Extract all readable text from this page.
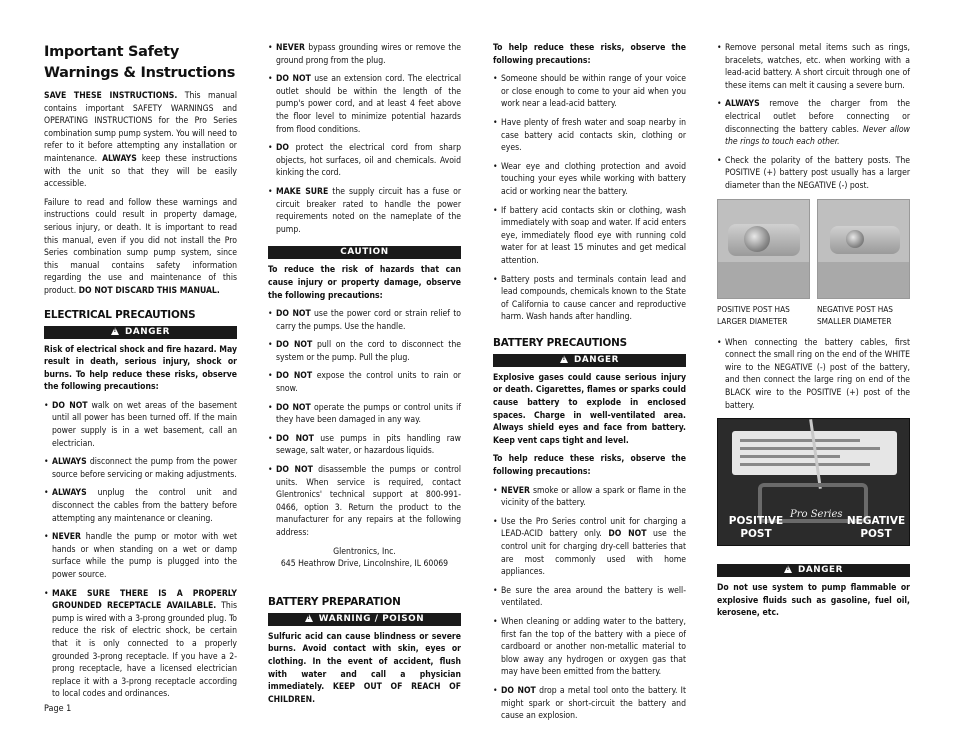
Important Safety
Warnings & Instructions

SAVE THESE INSTRUCTIONS. This manual contains important SAFETY WARNINGS and OPERATING INSTRUCTIONS for the Pro Series combination sump pump system. You will need to refer to it before attempting any installation or maintenance. ALWAYS keep these instructions with the unit so that they will be easily accessible.

Failure to read and follow these warnings and instructions could result in property damage, serious injury, or death. It is important to read this manual, even if you did not install the Pro Series combination sump pump system, since this manual contains safety information regarding the use and maintenance of this product. DO NOT DISCARD THIS MANUAL.

ELECTRICAL PRECAUTIONS
!DANGER

Risk of electrical shock and fire hazard. May result in death, serious injury, shock or burns. To help reduce these risks, observe the following precautions:

• DO NOT walk on wet areas of the basement until all power has been turned off. If the main power supply is in a wet basement, call an electrician.
• ALWAYS disconnect the pump from the power source before servicing or making adjustments.
• ALWAYS unplug the control unit and disconnect the cables from the battery before attempting any maintenance or cleaning.
• NEVER handle the pump or motor with wet hands or when standing on a wet or damp surface while the pump is plugged into the power source.
• MAKE SURE THERE IS A PROPERLY GROUNDED RECEPTACLE AVAILABLE. This pump is wired with a 3-prong grounded plug. To reduce the risk of electric shock, be certain that it is only connected to a properly grounded 3-prong receptacle. If you have a 2-prong receptacle, have a licensed electrician replace it with a 3-prong receptacle according to local codes and ordinances.
• NEVER bypass grounding wires or remove the ground prong from the plug.
• DO NOT use an extension cord. The electrical outlet should be within the length of the pump's power cord, and at least 4 feet above the floor level to minimize potential hazards from flood conditions.
• DO protect the electrical cord from sharp objects, hot surfaces, oil and chemicals. Avoid kinking the cord.
• MAKE SURE the supply circuit has a fuse or circuit breaker rated to handle the power requirements noted on the nameplate of the pump.
CAUTION

To reduce the risk of hazards that can cause injury or property damage, observe the following precautions:

• DO NOT use the power cord or strain relief to carry the pumps. Use the handle.
• DO NOT pull on the cord to disconnect the system or the pump. Pull the plug.
• DO NOT expose the control units to rain or snow.
• DO NOT operate the pumps or control units if they have been damaged in any way.
• DO NOT use pumps in pits handling raw sewage, salt water, or hazardous liquids.
• DO NOT disassemble the pumps or control units. When service is required, contact Glentronics' technical support at 800-991-0466, option 3. Return the product to the manufacturer for any repairs at the following address:
Glentronics, Inc.
645 Heathrow Drive, Lincolnshire, IL 60069
BATTERY PREPARATION
!WARNING / POISON

Sulfuric acid can cause blindness or severe burns. Avoid contact with skin, eyes or clothing. In the event of accident, flush with water and call a physician immediately. KEEP OUT OF REACH OF CHILDREN.

To help reduce these risks, observe the following precautions:

• Someone should be within range of your voice or close enough to come to your aid when you work near a lead-acid battery.
• Have plenty of fresh water and soap nearby in case battery acid contacts skin, clothing or eyes.
• Wear eye and clothing protection and avoid touching your eyes while working with battery acid or working near the battery.
• If battery acid contacts skin or clothing, wash immediately with soap and water. If acid enters eye, immediately flood eye with running cold water for at least 15 minutes and get medical attention.
• Battery posts and terminals contain lead and lead compounds, chemicals known to the State of California to cause cancer and reproductive harm. Wash hands after handling.
BATTERY PRECAUTIONS
!DANGER

Explosive gases could cause serious injury or death. Cigarettes, flames or sparks could cause battery to explode in enclosed spaces. Charge in well-ventilated area. Always shield eyes and face from battery. Keep vent caps tight and level.

To help reduce these risks, observe the following precautions:

• NEVER smoke or allow a spark or flame in the vicinity of the battery.
• Use the Pro Series control unit for charging a LEAD-ACID battery only. DO NOT use the control unit for charging dry-cell batteries that are most commonly used with home appliances.
• Be sure the area around the battery is well-ventilated.
• When cleaning or adding water to the battery, first fan the top of the battery with a piece of cardboard or another non-metallic material to blow away any hydrogen or oxygen gas that may have been emitted from the battery.
• DO NOT drop a metal tool onto the battery. It might spark or short-circuit the battery and cause an explosion.
• Remove personal metal items such as rings, bracelets, watches, etc. when working with a lead-acid battery. A short circuit through one of these items can melt it causing a severe burn.
• ALWAYS remove the charger from the electrical outlet before connecting or disconnecting the battery cables. Never allow the rings to touch each other.
• Check the polarity of the battery posts. The POSITIVE (+) battery post usually has a larger diameter than the NEGATIVE (-) post.
POSITIVE POST HAS LARGER DIAMETER
NEGATIVE POST HAS SMALLER DIAMETER
• When connecting the battery cables, first connect the small ring on the end of the WHITE wire to the NEGATIVE (-) post of the battery, and then connect the large ring on end of the BLACK wire to the POSITIVE (+) post of the battery.
Pro Series
POSITIVE POST
NEGATIVE POST
!DANGER

Do not use system to pump flammable or explosive fluids such as gasoline, fuel oil, kerosene, etc.

Page 1
